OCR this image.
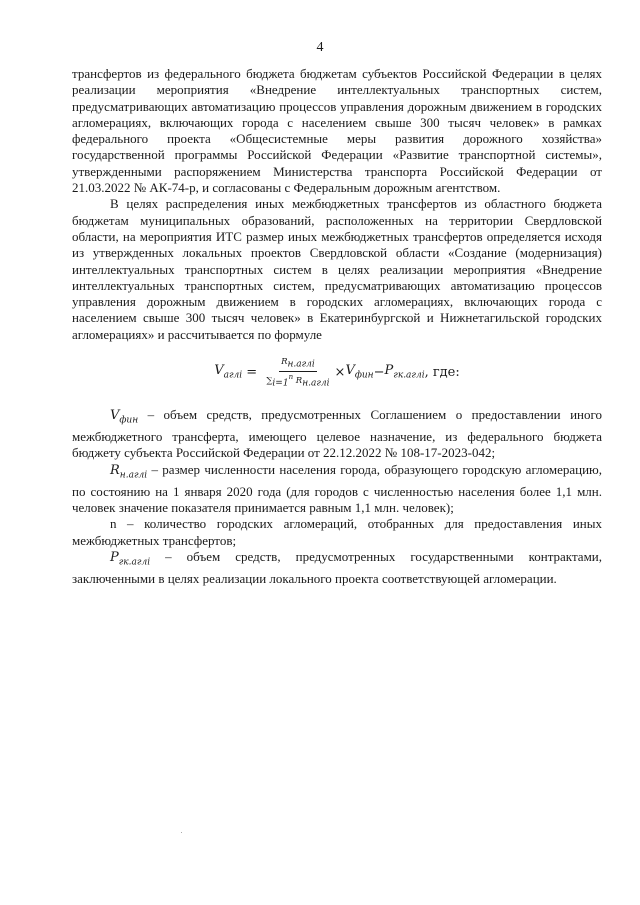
4

трансфертов из федерального бюджета бюджетам субъектов Российской Федерации в целях реализации мероприятия «Внедрение интеллектуальных транспортных систем, предусматривающих автоматизацию процессов управления дорожным движением в городских агломерациях, включающих города с населением свыше 300 тысяч человек» в рамках федерального проекта «Общесистемные меры развития дорожного хозяйства» государственной программы Российской Федерации «Развитие транспортной системы», утвержденными распоряжением Министерства транспорта Российской Федерации от 21.03.2022 № АК-74-р, и согласованы с Федеральным дорожным агентством.

В целях распределения иных межбюджетных трансфертов из областного бюджета бюджетам муниципальных образований, расположенных на территории Свердловской области, на мероприятия ИТС размер иных межбюджетных трансфертов определяется исходя из утвержденных локальных проектов Свердловской области «Создание (модернизация) интеллектуальных транспортных систем в целях реализации мероприятия «Внедрение интеллектуальных транспортных систем, предусматривающих автоматизацию процессов управления дорожным движением в городских агломерациях, включающих города с населением свыше 300 тысяч человек» в Екатеринбургской и Нижнетагильской городских агломерациях» и рассчитывается по формуле

$V_{аглi} = \frac{R_{н.аглi}}{\sum_{i=1}^n R_{н.аглi}} \times V_{фин} - P_{гк.аглi}$ , где:

$V_{фин}$ – объем средств, предусмотренных Соглашением о предоставлении иного межбюджетного трансферта, имеющего целевое назначение, из федерального бюджета бюджету субъекта Российской Федерации от 22.12.2022 № 108-17-2023-042;

$R_{н.аглi}$ – размер численности населения города, образующего городскую агломерацию, по состоянию на 1 января 2020 года (для городов с численностью населения более 1,1 млн. человек значение показателя принимается равным 1,1 млн. человек);

n – количество городских агломераций, отобранных для предоставления иных межбюджетных трансфертов;

$P_{гк.аглi}$ – объем средств, предусмотренных государственными контрактами, заключенными в целях реализации локального проекта соответствующей агломерации.
